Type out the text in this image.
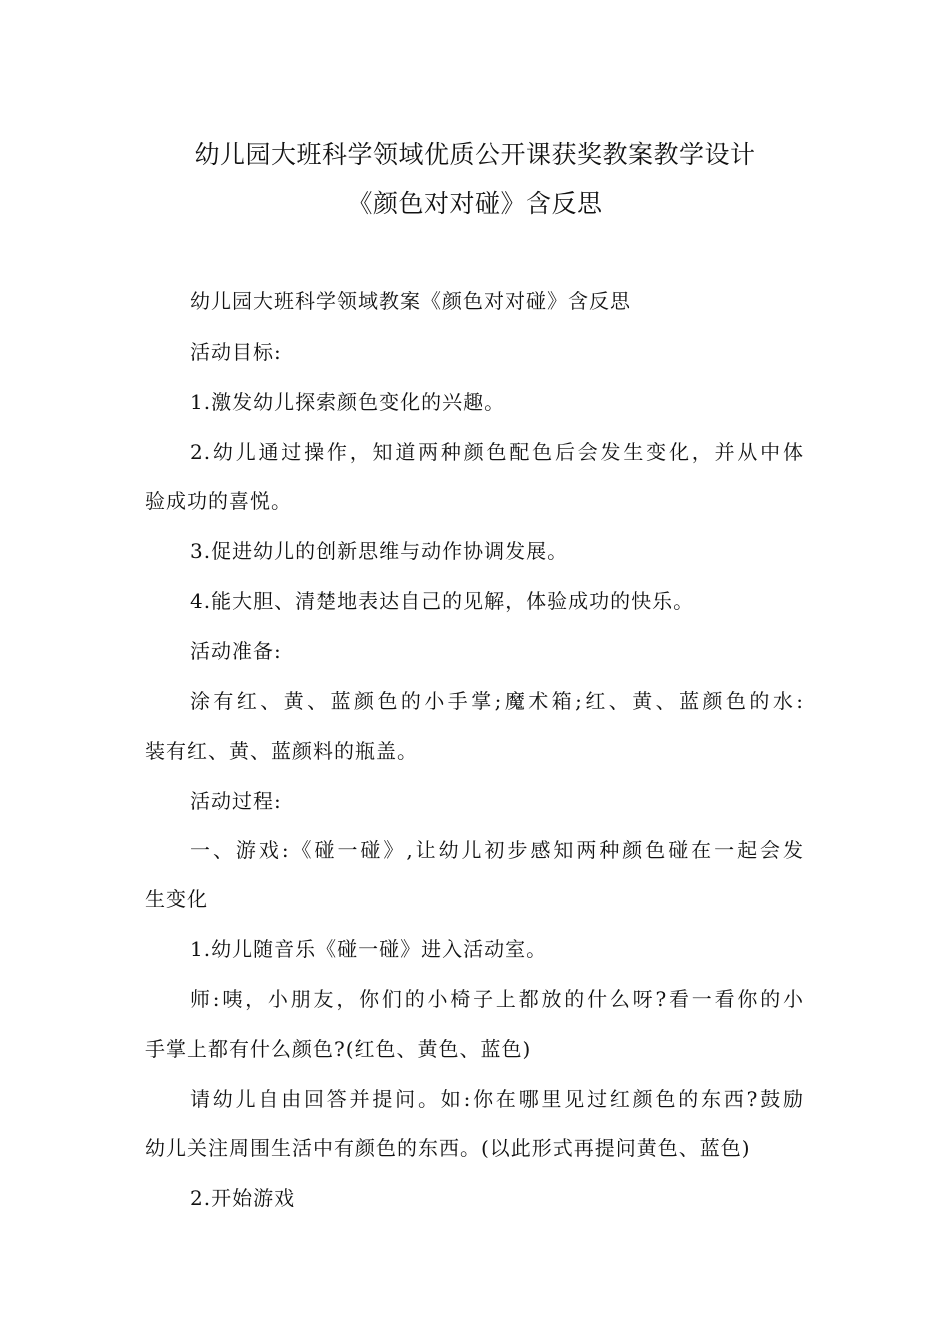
幼儿园大班科学领域优质公开课获奖教案教学设计
《颜色对对碰》含反思
幼儿园大班科学领域教案《颜色对对碰》含反思
活动目标:
1.激发幼儿探索颜色变化的兴趣。
2.幼儿通过操作，知道两种颜色配色后会发生变化，并从中体
验成功的喜悦。
3.促进幼儿的创新思维与动作协调发展。
4.能大胆、清楚地表达自己的见解，体验成功的快乐。
活动准备:
涂有红、黄、蓝颜色的小手掌;魔术箱;红、黄、蓝颜色的水:
装有红、黄、蓝颜料的瓶盖。
活动过程:
一、游戏:《碰一碰》,让幼儿初步感知两种颜色碰在一起会发
生变化
1.幼儿随音乐《碰一碰》进入活动室。
师:咦，小朋友，你们的小椅子上都放的什么呀?看一看你的小
手掌上都有什么颜色?(红色、黄色、蓝色)
请幼儿自由回答并提问。如:你在哪里见过红颜色的东西?鼓励
幼儿关注周围生活中有颜色的东西。(以此形式再提问黄色、蓝色)
2.开始游戏
